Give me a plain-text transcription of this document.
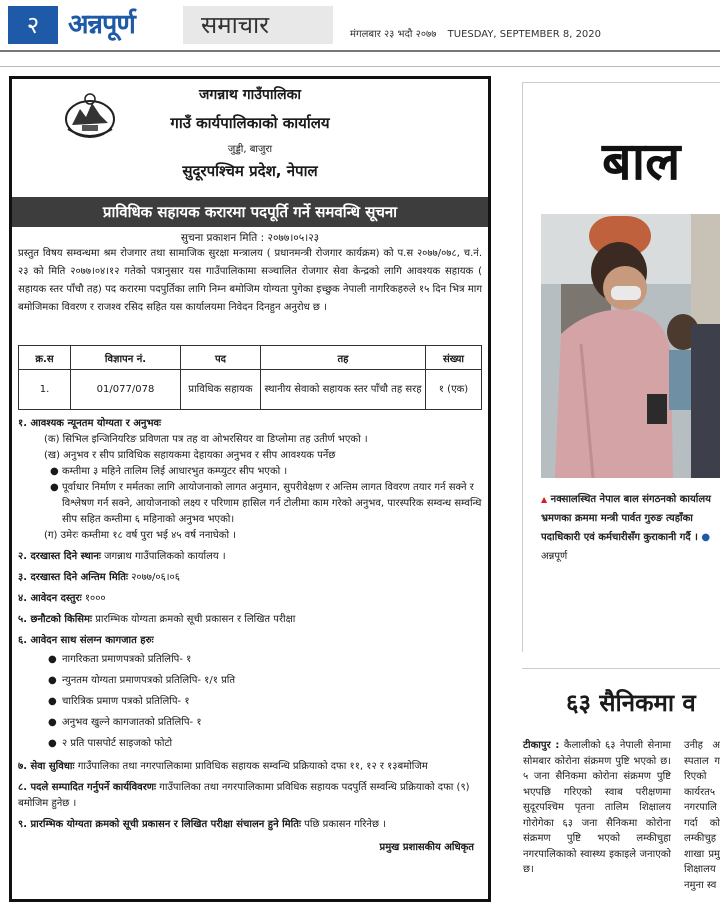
२	अन्नपूर्ण	समाचार	मंगलबार २३ भदौ २०७७ TUESDAY, SEPTEMBER 8, 2020
जगन्नाथ गाउँपालिका
गाउँ कार्यपालिकाको कार्यालय
जुड्डी, बाजुरा
सुदूरपश्चिम प्रदेश, नेपाल
प्राविधिक सहायक करारमा पदपूर्ति गर्ने समवन्धि सूचना
सुचना प्रकाशन मिति : २०७७।०५।२३
प्रस्तुत विषय सम्वन्धमा श्रम रोजगार तथा सामाजिक सुरक्षा मन्त्रालय ( प्रधानमन्त्री रोजगार कार्यक्रम) को प.स २०७७/०७८, च.नं. २३ को मिति २०७७।०४।१२ गतेको पत्रानुसार यस गाउँपालिकामा सञ्चालित रोजगार सेवा केन्द्रको लागि आवश्यक सहायक ( सहायक स्तर पाँचौ तह) पद करारमा पदपुर्तिका लागि निम्न बमोजिम योग्यता पुगेका इच्छुक नेपाली नागरिकहरुले १५ दिन भित्र माग बमोजिमका विवरण र राजश्व रसिद सहित यस कार्यालयमा निवेदन दिनहुन अनुरोध छ ।
क्र.स	विज्ञापन नं.	पद	तह	संख्या
1.	01/077/078	प्राविधिक सहायक	स्थानीय सेवाको सहायक स्तर पाँचौ तह सरह	१ (एक)
१. आवश्यक न्यूनतम योग्यता र अनुभवः
(क) सिभिल इन्जिनियरिङ प्रविणता पत्र तह वा ओभरसियर वा डिप्लोमा तह उतीर्ण भएको ।
(ख) अनुभव र सीप प्राविधिक सहायकमा देहायका अनुभव र सीप आवश्यक पर्नेछ
● कम्तीमा ३ महिने तालिम लिई आधारभुत कम्प्युटर सीप भएको ।
● पूर्वाधार निर्माण र मर्मतका लागि आयोजनाको लागत अनुमान, सुपरीवेक्षण र अन्तिम लागत विवरण तयार गर्न सक्ने र विश्लेषण गर्न सक्ने, आयोजनाको लक्ष्य र परिणाम हासिल गर्न टोलीमा काम गरेको अनुभव, पारस्परिक सम्वन्ध सम्वन्धि सीप सहित कम्तीमा ६ महिनाको अनुभव भएको।
(ग) उमेरः कम्तीमा १८ वर्ष पुरा भई ४५ वर्ष ननाघेको ।
२. दरखास्त दिने स्थानः जगन्नाथ गाउँपालिकको कार्यालय ।
३. दरखास्त दिने अन्तिम मितिः २०७७/०६।०६
४. आवेदन दस्तुरः १०००
५. छनौटको किसिमः प्रारम्भिक योग्यता क्रमको सूची प्रकासन र लिखित परीक्षा
६. आवेदन साथ संलग्न कागजात हरुः
● नागरिकता प्रमाणपत्रको प्रतिलिपि- १
● न्युनतम योग्यता प्रमाणपत्रको प्रतिलिपि- १/१ प्रति
● चारित्रिक प्रमाण पत्रको प्रतिलिपि- १
● अनुभव खुल्ने कागजातको प्रतिलिपि- १
● २ प्रति पासपोर्ट साइजको फोटो
७. सेवा सुविधाः गाउँपालिका तथा नगरपालिकामा प्राविधिक सहायक सम्वन्धि प्रक्रियाको दफा ११, १२ र १३बमोजिम
८. पदले सम्पादित गर्नुपर्ने कार्यविवरणः गाउँपालिका तथा नगरपालिकामा प्रविधिक सहायक पदपुर्ति सम्वन्धि प्रक्रियाको दफा (९) बमोजिम हुनेछ ।
९. प्रारम्भिक योग्यता क्रमको सूची प्रकासन र लिखित परीक्षा संचालन हुने मितिः पछि प्रकासन गरिनेछ ।
प्रमुख प्रशासकीय अधिकृत
बाल
▲ नक्सालस्थित नेपाल बाल संगठनको कार्यालय भ्रमणका क्रममा मन्त्री पार्वत गुरुङ त्यहाँका पदाधिकारी एवं कर्मचारीसँग कुराकानी गर्दै । ● अन्नपूर्ण
६३ सैनिकमा व
टीकापुर : कैलालीको ६३ नेपाली सेनामा सोमबार कोरोना संक्रमण पुष्टि भएको छ। ५ जना सैनिकमा कोरोना संक्रमण पुष्टि भएपछि गरिएको स्वाब परीक्षणमा सुदूरपश्चिम पृतना तालिम शिक्षालय गोरोगेका ६३ जना सैनिकमा कोरोना संक्रमण पुष्टि भएको लम्कीचुहा नगरपालिकाको स्वास्थ्य इकाइले जनाएको छ।
उनीह अस्पताल गरिएको कार्यरत५ नगरपालि गर्दा को लम्कीचुह शाखा प्रमु शिक्षालय नमुना स्व
